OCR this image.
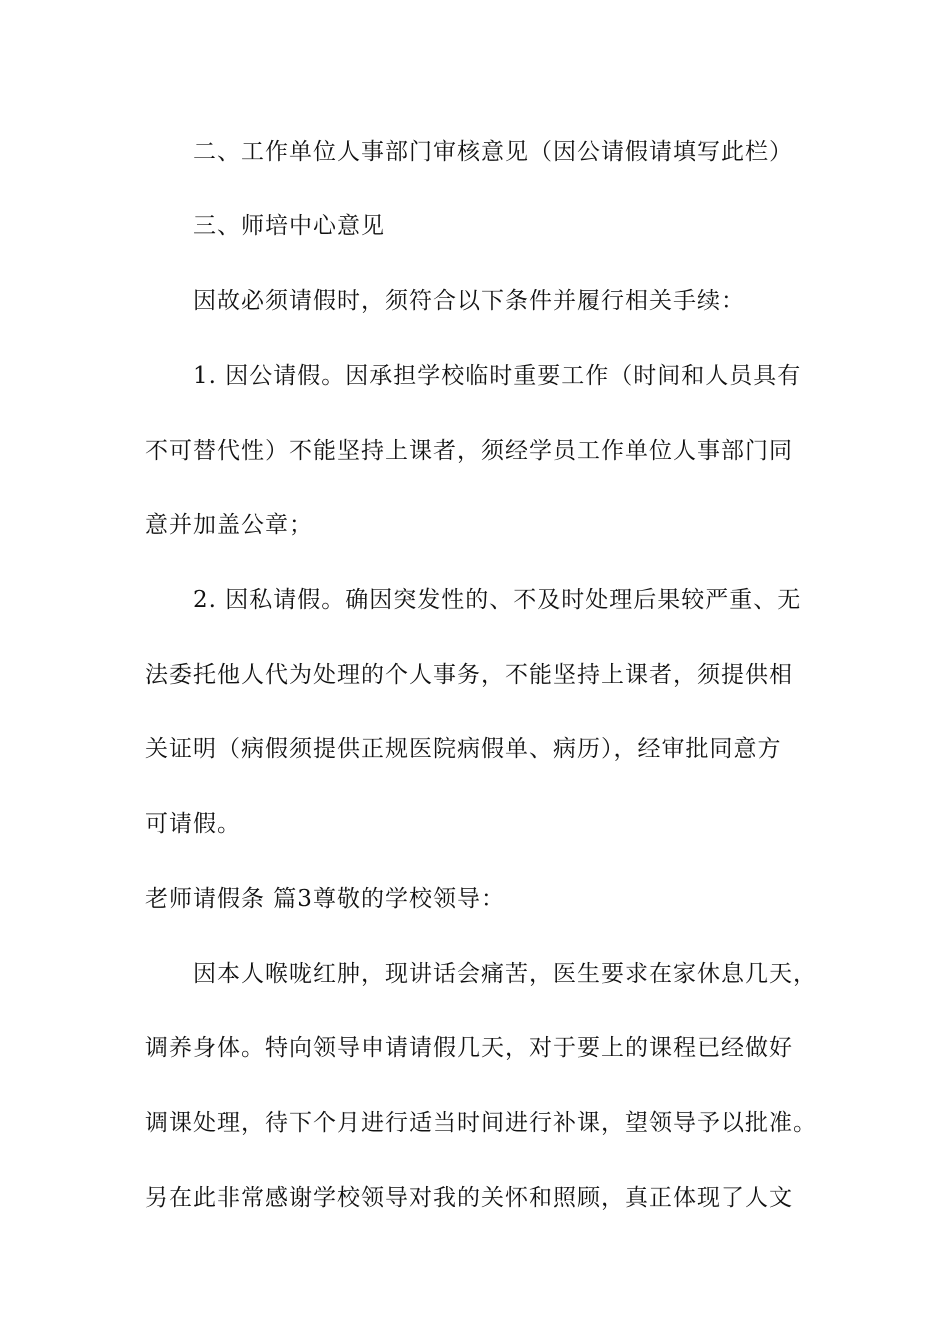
二、工作单位人事部门审核意见（因公请假请填写此栏）
三、师培中心意见
因故必须请假时，须符合以下条件并履行相关手续：
1. 因公请假。因承担学校临时重要工作（时间和人员具有
不可替代性）不能坚持上课者，须经学员工作单位人事部门同
意并加盖公章；
2. 因私请假。确因突发性的、不及时处理后果较严重、无
法委托他人代为处理的个人事务，不能坚持上课者，须提供相
关证明（病假须提供正规医院病假单、病历），经审批同意方
可请假。
老师请假条 篇3尊敬的学校领导：
因本人喉咙红肿，现讲话会痛苦，医生要求在家休息几天，
调养身体。特向领导申请请假几天，对于要上的课程已经做好
调课处理，待下个月进行适当时间进行补课，望领导予以批准。
另在此非常感谢学校领导对我的关怀和照顾，真正体现了人文
